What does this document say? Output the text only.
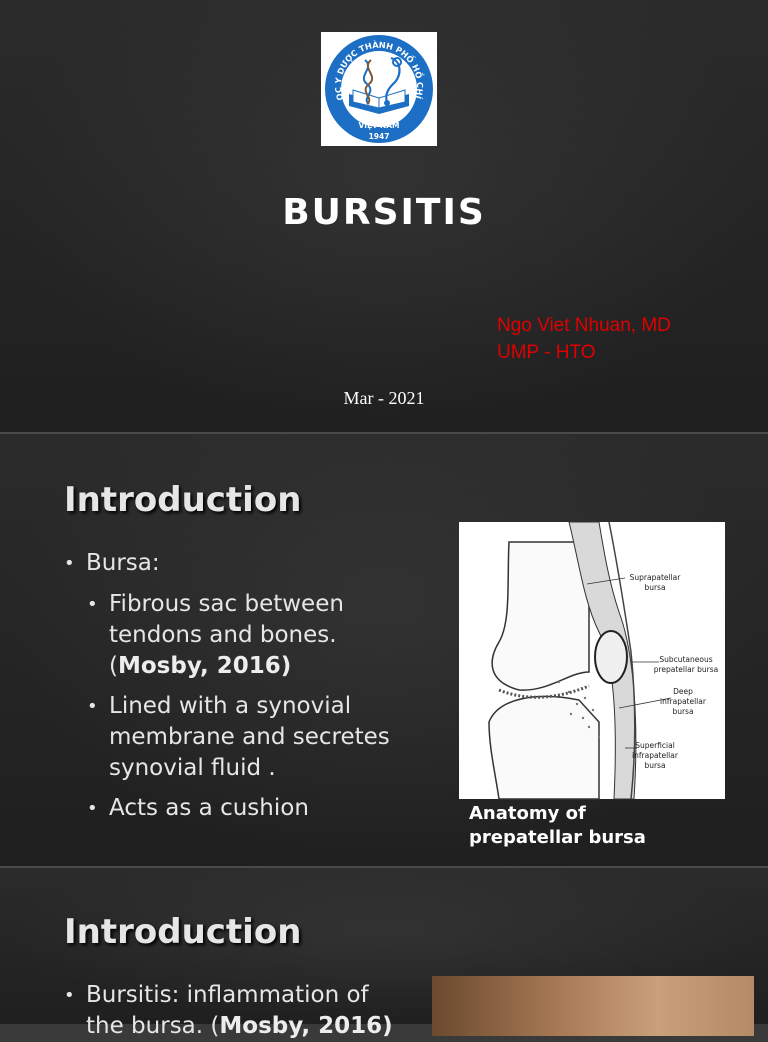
ỌC Y DƯỢC THÀNH PHỐ HỒ CHÍ
VIỆT NAM
1947
BURSITIS
Ngo Viet Nhuan, MD
UMP - HTO
Mar - 2021
Introduction
• Bursa:
• Fibrous sac between
tendons and bones.
(Mosby, 2016)
• Lined with a synovial
membrane and secretes
synovial fluid .
• Acts as a cushion
Suprapatellar
bursa
Subcutaneous
prepatellar bursa
Deep
infrapatellar
bursa
Superficial
infrapatellar
bursa
Anatomy of
prepatellar bursa
Introduction
• Bursitis: inflammation of
the bursa. (Mosby, 2016)
